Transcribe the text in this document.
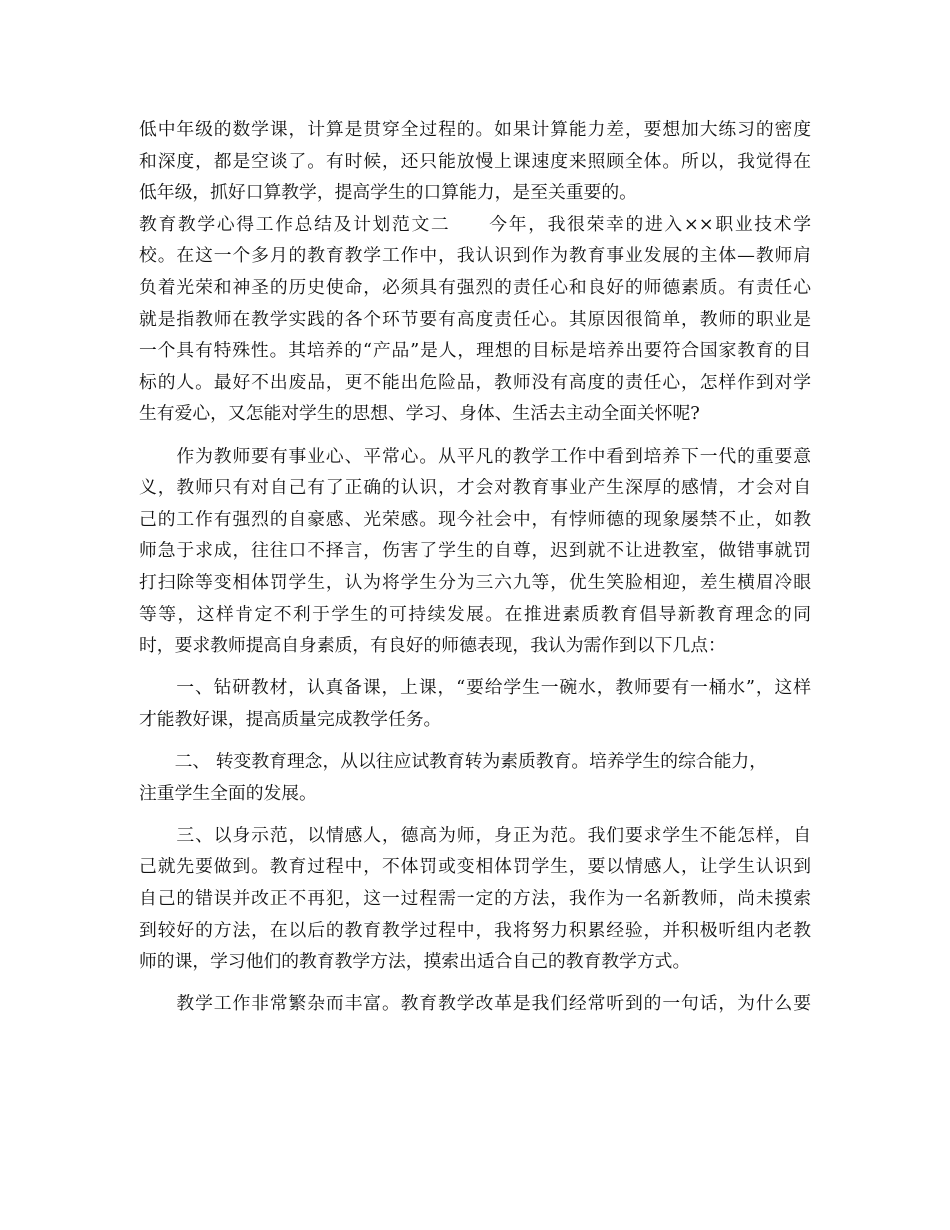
低中年级的数学课，计算是贯穿全过程的。如果计算能力差，要想加大练习的密度
和深度，都是空谈了。有时候，还只能放慢上课速度来照顾全体。所以，我觉得在
低年级，抓好口算教学，提高学生的口算能力，是至关重要的。
教育教学心得工作总结及计划范文二　　今年，我很荣幸的进入××职业技术学
校。在这一个多月的教育教学工作中，我认识到作为教育事业发展的主体—教师肩
负着光荣和神圣的历史使命，必须具有强烈的责任心和良好的师德素质。有责任心
就是指教师在教学实践的各个环节要有高度责任心。其原因很简单，教师的职业是
一个具有特殊性。其培养的“产品”是人，理想的目标是培养出要符合国家教育的目
标的人。最好不出废品，更不能出危险品，教师没有高度的责任心，怎样作到对学
生有爱心，又怎能对学生的思想、学习、身体、生活去主动全面关怀呢?
　　作为教师要有事业心、平常心。从平凡的教学工作中看到培养下一代的重要意
义，教师只有对自己有了正确的认识，才会对教育事业产生深厚的感情，才会对自
己的工作有强烈的自豪感、光荣感。现今社会中，有悖师德的现象屡禁不止，如教
师急于求成，往往口不择言，伤害了学生的自尊，迟到就不让进教室，做错事就罚
打扫除等变相体罚学生，认为将学生分为三六九等，优生笑脸相迎，差生横眉冷眼
等等，这样肯定不利于学生的可持续发展。在推进素质教育倡导新教育理念的同
时，要求教师提高自身素质，有良好的师德表现，我认为需作到以下几点：
　　一、钻研教材，认真备课，上课，“要给学生一碗水，教师要有一桶水”，这样
才能教好课，提高质量完成教学任务。
　　二、 转变教育理念，从以往应试教育转为素质教育。培养学生的综合能力，
注重学生全面的发展。
　　三、以身示范，以情感人，德高为师，身正为范。我们要求学生不能怎样，自
己就先要做到。教育过程中，不体罚或变相体罚学生，要以情感人，让学生认识到
自己的错误并改正不再犯，这一过程需一定的方法，我作为一名新教师，尚未摸索
到较好的方法，在以后的教育教学过程中，我将努力积累经验，并积极听组内老教
师的课，学习他们的教育教学方法，摸索出适合自己的教育教学方式。
　　教学工作非常繁杂而丰富。教育教学改革是我们经常听到的一句话，为什么要
